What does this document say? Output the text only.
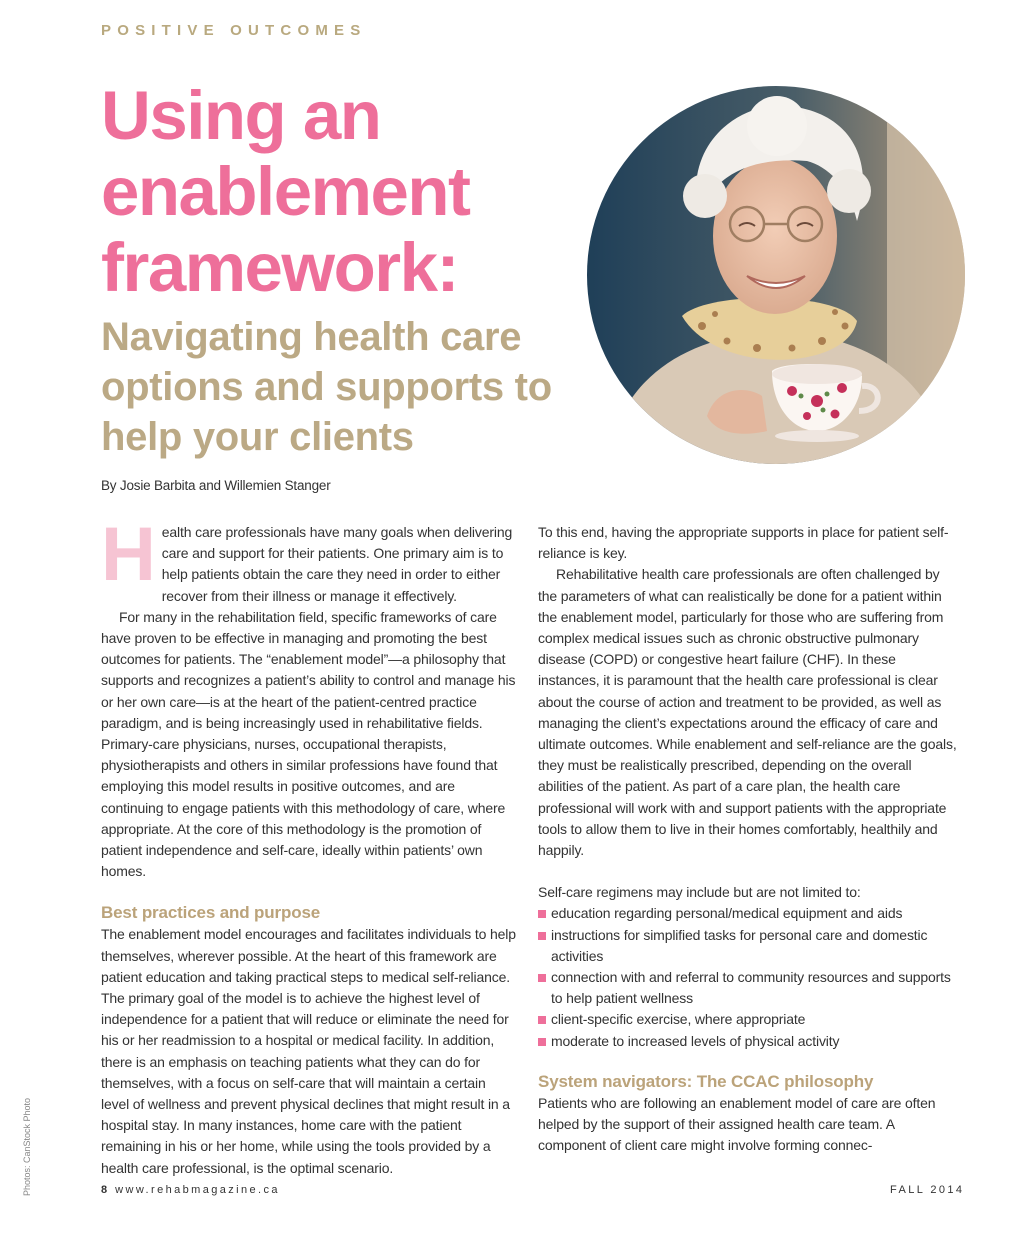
POSITIVE OUTCOMES
Using an
enablement
framework:
Navigating health care
options and supports to
help your clients
By Josie Barbita and Willemien Stanger

Health care professionals have many goals when delivering care and support for their patients. One primary aim is to help patients obtain the care they need in order to either recover from their illness or manage it effectively.

For many in the rehabilitation field, specific frameworks of care have proven to be effective in managing and promoting the best outcomes for patients. The “enablement model”—a philosophy that supports and recognizes a patient’s ability to control and manage his or her own care—is at the heart of the patient-centred practice paradigm, and is being increasingly used in rehabilitative fields. Primary-care physicians, nurses, occupational therapists, physiotherapists and others in similar professions have found that employing this model results in positive outcomes, and are continuing to engage patients with this methodology of care, where appropriate. At the core of this methodology is the promotion of patient independence and self-care, ideally within patients’ own homes.

Best practices and purpose

The enablement model encourages and facilitates individuals to help themselves, wherever possible. At the heart of this framework are patient education and taking practical steps to medical self-reliance. The primary goal of the model is to achieve the highest level of independence for a patient that will reduce or eliminate the need for his or her readmission to a hospital or medical facility. In addition, there is an emphasis on teaching patients what they can do for themselves, with a focus on self-care that will maintain a certain level of wellness and prevent physical declines that might result in a hospital stay. In many instances, home care with the patient remaining in his or her home, while using the tools provided by a health care professional, is the optimal scenario.

To this end, having the appropriate supports in place for patient self-reliance is key.

Rehabilitative health care professionals are often challenged by the parameters of what can realistically be done for a patient within the enablement model, particularly for those who are suffering from complex medical issues such as chronic obstructive pulmonary disease (COPD) or congestive heart failure (CHF). In these instances, it is paramount that the health care professional is clear about the course of action and treatment to be provided, as well as managing the client’s expectations around the efficacy of care and ultimate outcomes. While enablement and self-reliance are the goals, they must be realistically prescribed, depending on the overall abilities of the patient. As part of a care plan, the health care professional will work with and support patients with the appropriate tools to allow them to live in their homes comfortably, healthily and happily.

Self-care regimens may include but are not limited to:

education regarding personal/medical equipment and aids
instructions for simplified tasks for personal care and domestic activities
connection with and referral to community resources and supports to help patient wellness
client-specific exercise, where appropriate
moderate to increased levels of physical activity

System navigators: The CCAC philosophy

Patients who are following an enablement model of care are often helped by the support of their assigned health care team. A component of client care might involve forming connec-

Photos: CanStock Photo	8 www.rehabmagazine.ca	FALL 2014
